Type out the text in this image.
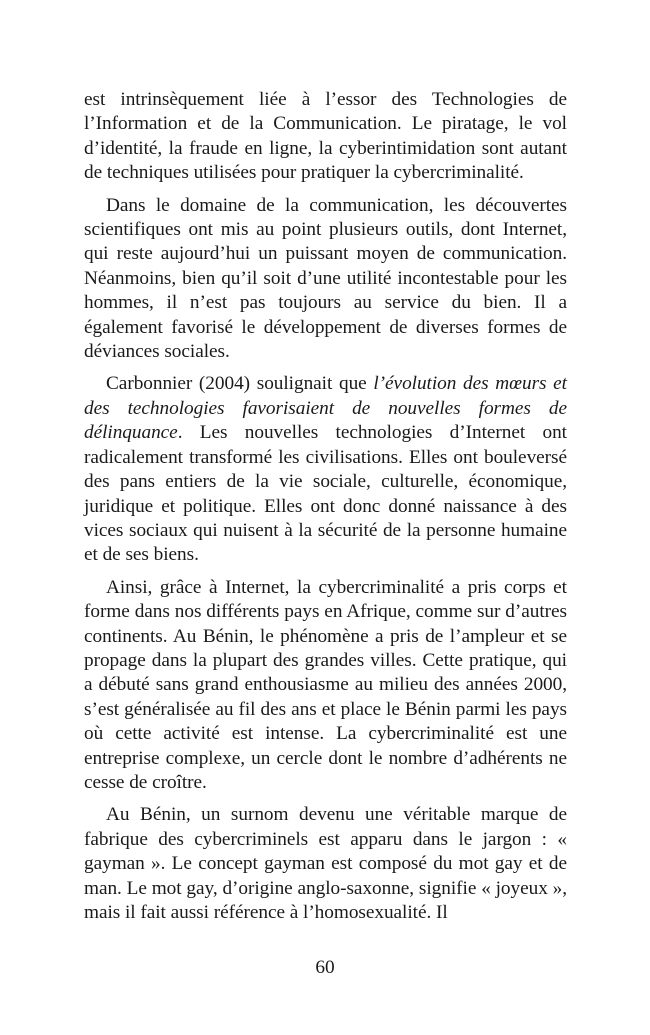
est intrinsèquement liée à l’essor des Technologies de l’Information et de la Communication. Le piratage, le vol d’identité, la fraude en ligne, la cyberintimidation sont autant de techniques utilisées pour pratiquer la cybercriminalité.

Dans le domaine de la communication, les découvertes scientifiques ont mis au point plusieurs outils, dont Internet, qui reste aujourd’hui un puissant moyen de communication. Néanmoins, bien qu’il soit d’une utilité incontestable pour les hommes, il n’est pas toujours au service du bien. Il a également favorisé le développement de diverses formes de déviances sociales.

Carbonnier (2004) soulignait que l’évolution des mœurs et des technologies favorisaient de nouvelles formes de délinquance. Les nouvelles technologies d’Internet ont radicalement transformé les civilisations. Elles ont bouleversé des pans entiers de la vie sociale, culturelle, économique, juridique et politique. Elles ont donc donné naissance à des vices sociaux qui nuisent à la sécurité de la personne humaine et de ses biens.

Ainsi, grâce à Internet, la cybercriminalité a pris corps et forme dans nos différents pays en Afrique, comme sur d’autres continents. Au Bénin, le phénomène a pris de l’ampleur et se propage dans la plupart des grandes villes. Cette pratique, qui a débuté sans grand enthousiasme au milieu des années 2000, s’est généralisée au fil des ans et place le Bénin parmi les pays où cette activité est intense. La cybercriminalité est une entreprise complexe, un cercle dont le nombre d’adhérents ne cesse de croître.

Au Bénin, un surnom devenu une véritable marque de fabrique des cybercriminels est apparu dans le jargon : « gayman ». Le concept gayman est composé du mot gay et de man. Le mot gay, d’origine anglo-saxonne, signifie « joyeux », mais il fait aussi référence à l’homosexualité. Il

60
